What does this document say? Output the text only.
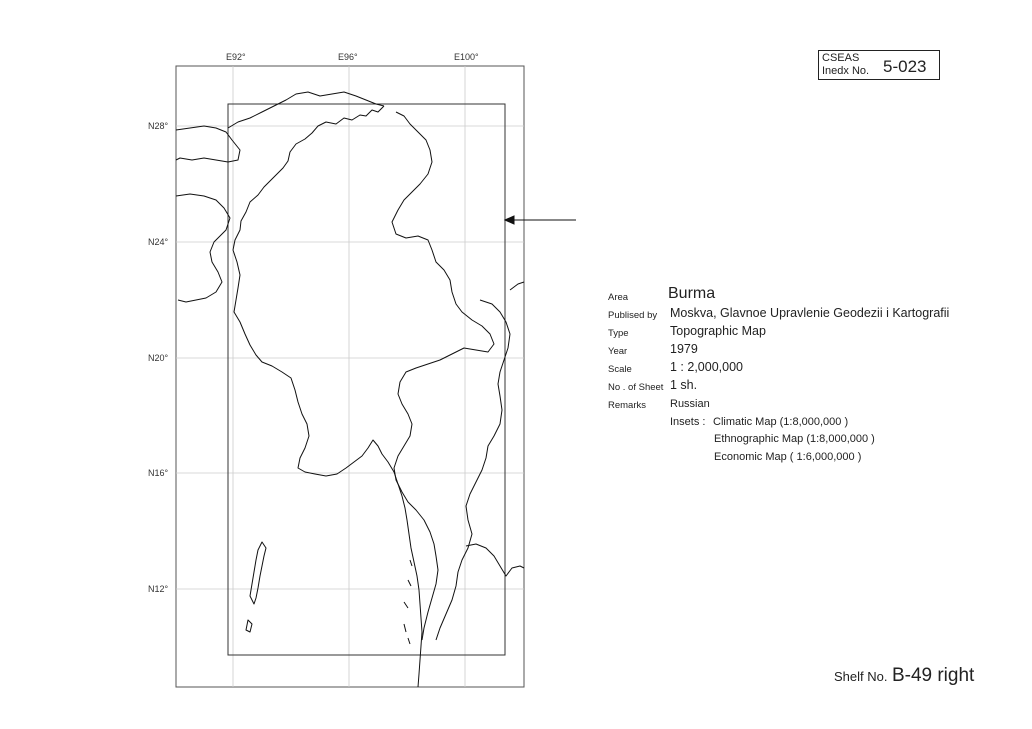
E92°	E96°	E100°
N28°
N24°
N20°
N16°
N12°
CSEAS
Inedx No. 5-023
Area Burma
Publised by Moskva, Glavnoe Upravlenie Geodezii i Kartografii
Type	Topographic Map
Year	1979
Scale	1 : 2,000,000
No . of Sheet 1 sh.
Remarks Russian
Insets : Climatic Map (1:8,000,000 )
Ethnographic Map (1:8,000,000 )
Economic Map ( 1:6,000,000 )
Shelf No. B-49 right
